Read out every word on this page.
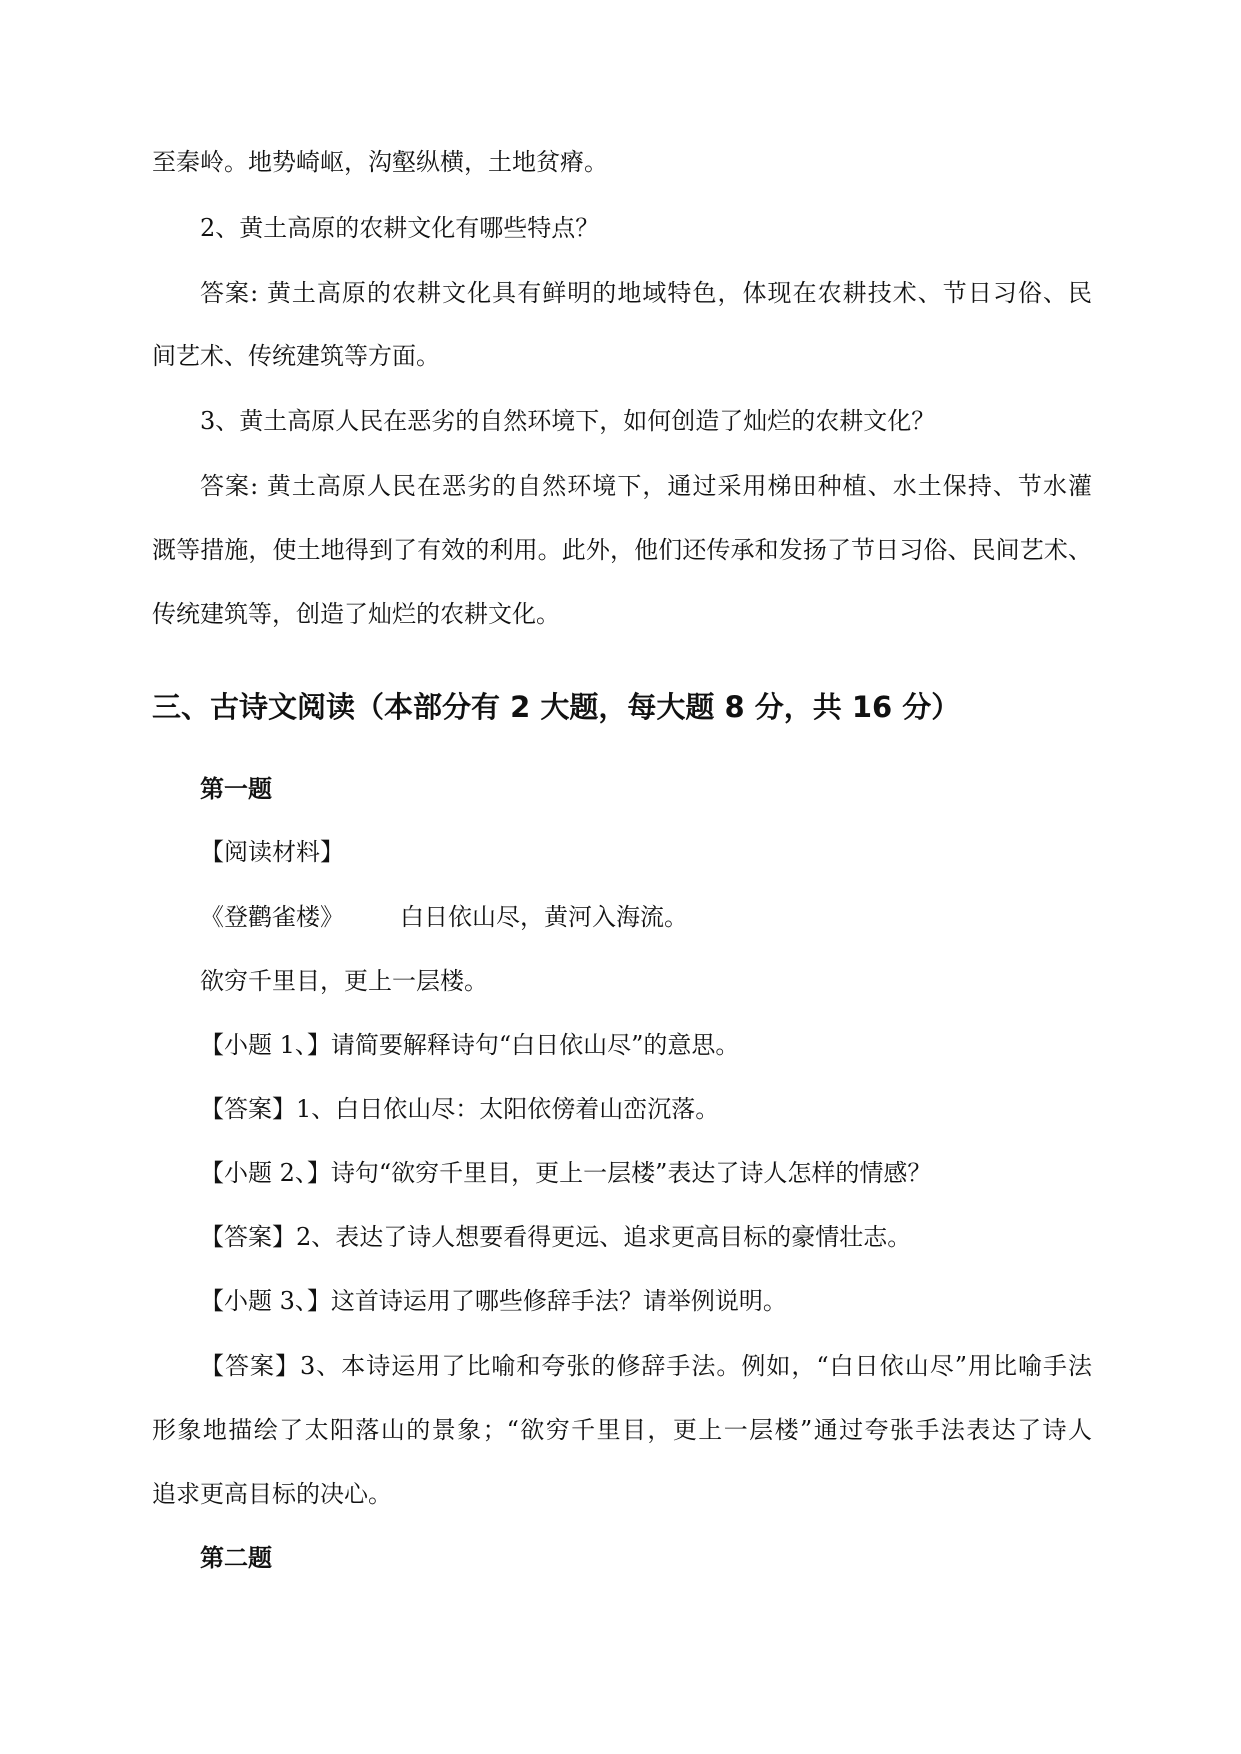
至秦岭。地势崎岖，沟壑纵横，土地贫瘠。
2、黄土高原的农耕文化有哪些特点？
答案: 黄土高原的农耕文化具有鲜明的地域特色，体现在农耕技术、节日习俗、民
间艺术、传统建筑等方面。
3、黄土高原人民在恶劣的自然环境下，如何创造了灿烂的农耕文化？
答案: 黄土高原人民在恶劣的自然环境下，通过采用梯田种植、水土保持、节水灌
溉等措施，使土地得到了有效的利用。此外，他们还传承和发扬了节日习俗、民间艺术、
传统建筑等，创造了灿烂的农耕文化。
三、古诗文阅读（本部分有 2 大题，每大题 8 分，共 16 分）
第一题
【阅读材料】
《登鹳雀楼》 白日依山尽，黄河入海流。
欲穷千里目，更上一层楼。
【小题 1、】请简要解释诗句“白日依山尽”的意思。
【答案】1、白日依山尽：太阳依傍着山峦沉落。
【小题 2、】诗句“欲穷千里目，更上一层楼”表达了诗人怎样的情感？
【答案】2、表达了诗人想要看得更远、追求更高目标的豪情壮志。
【小题 3、】这首诗运用了哪些修辞手法？请举例说明。
【答案】3、本诗运用了比喻和夸张的修辞手法。例如，“白日依山尽”用比喻手法
形象地描绘了太阳落山的景象；“欲穷千里目，更上一层楼”通过夸张手法表达了诗人
追求更高目标的决心。
第二题
